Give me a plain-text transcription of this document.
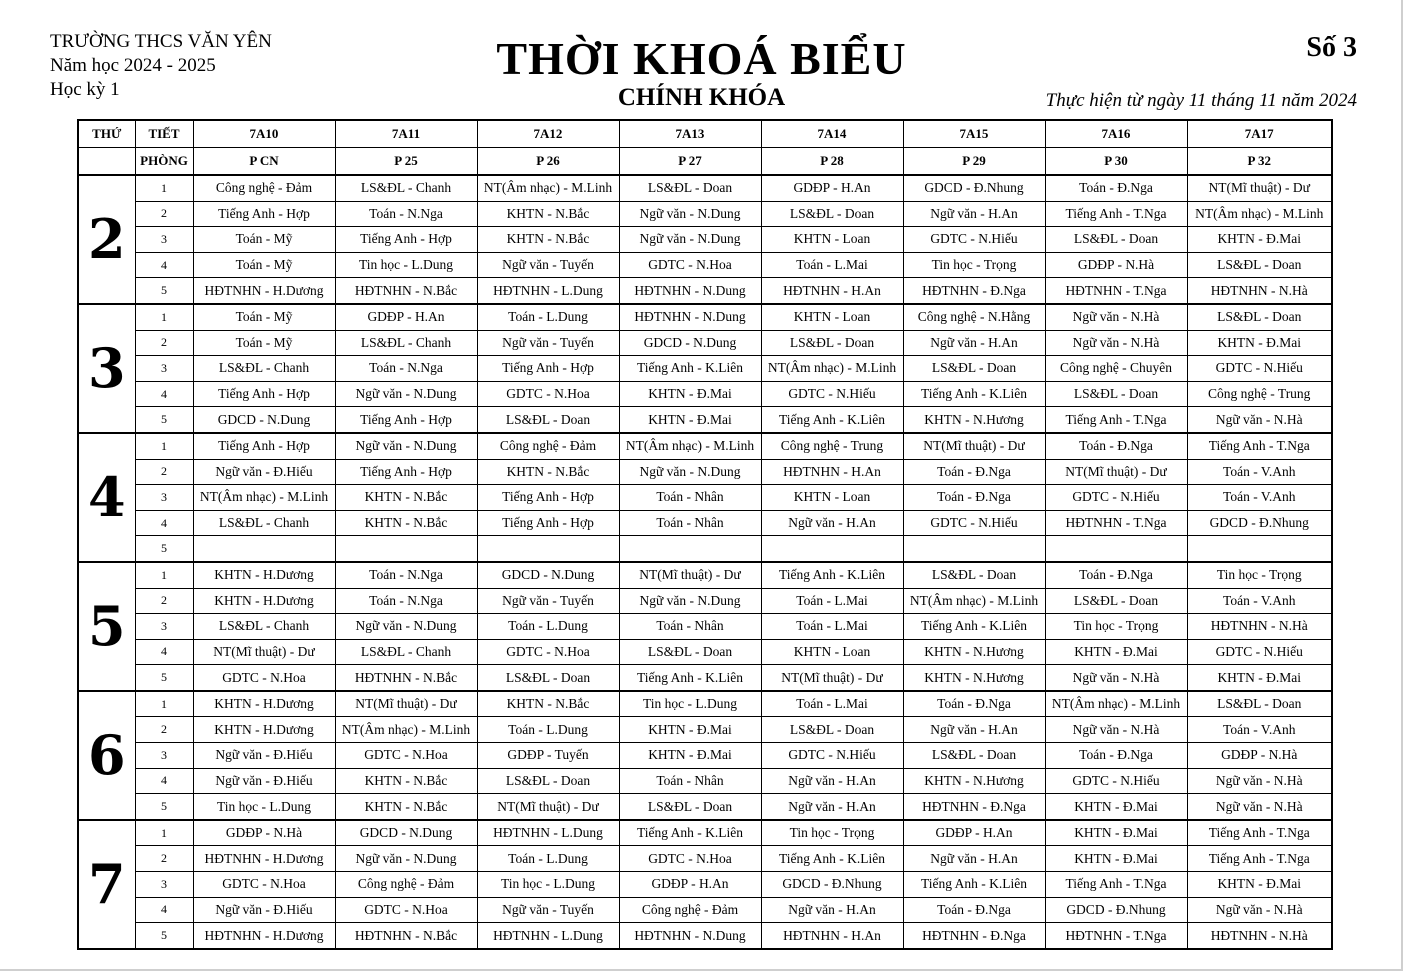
TRƯỜNG THCS VĂN YÊN
Năm học 2024 - 2025
Học kỳ 1
THỜI KHOÁ BIỂU
CHÍNH KHÓA
Số 3
Thực hiện từ ngày 11 tháng 11 năm 2024
THỨ	TIẾT	7A10	7A11	7A12	7A13	7A14	7A15	7A16	7A17
	PHÒNG	P CN	P 25	P 26	P 27	P 28	P 29	P 30	P 32
2	1	Công nghệ - Đảm	LS&ĐL - Chanh	NT(Âm nhạc) - M.Linh	LS&ĐL - Doan	GDĐP - H.An	GDCD - Đ.Nhung	Toán - Đ.Nga	NT(Mĩ thuật) - Dư
	2	Tiếng Anh - Hợp	Toán - N.Nga	KHTN - N.Bắc	Ngữ văn - N.Dung	LS&ĐL - Doan	Ngữ văn - H.An	Tiếng Anh - T.Nga	NT(Âm nhạc) - M.Linh
	3	Toán - Mỹ	Tiếng Anh - Hợp	KHTN - N.Bắc	Ngữ văn - N.Dung	KHTN - Loan	GDTC - N.Hiếu	LS&ĐL - Doan	KHTN - Đ.Mai
	4	Toán - Mỹ	Tin học - L.Dung	Ngữ văn - Tuyến	GDTC - N.Hoa	Toán - L.Mai	Tin học - Trọng	GDĐP - N.Hà	LS&ĐL - Doan
	5	HĐTNHN - H.Dương	HĐTNHN - N.Bắc	HĐTNHN - L.Dung	HĐTNHN - N.Dung	HĐTNHN - H.An	HĐTNHN - Đ.Nga	HĐTNHN - T.Nga	HĐTNHN - N.Hà
3	1	Toán - Mỹ	GDĐP - H.An	Toán - L.Dung	HĐTNHN - N.Dung	KHTN - Loan	Công nghệ - N.Hằng	Ngữ văn - N.Hà	LS&ĐL - Doan
	2	Toán - Mỹ	LS&ĐL - Chanh	Ngữ văn - Tuyến	GDCD - N.Dung	LS&ĐL - Doan	Ngữ văn - H.An	Ngữ văn - N.Hà	KHTN - Đ.Mai
	3	LS&ĐL - Chanh	Toán - N.Nga	Tiếng Anh - Hợp	Tiếng Anh - K.Liên	NT(Âm nhạc) - M.Linh	LS&ĐL - Doan	Công nghệ - Chuyên	GDTC - N.Hiếu
	4	Tiếng Anh - Hợp	Ngữ văn - N.Dung	GDTC - N.Hoa	KHTN - Đ.Mai	GDTC - N.Hiếu	Tiếng Anh - K.Liên	LS&ĐL - Doan	Công nghệ - Trung
	5	GDCD - N.Dung	Tiếng Anh - Hợp	LS&ĐL - Doan	KHTN - Đ.Mai	Tiếng Anh - K.Liên	KHTN - N.Hương	Tiếng Anh - T.Nga	Ngữ văn - N.Hà
4	1	Tiếng Anh - Hợp	Ngữ văn - N.Dung	Công nghệ - Đảm	NT(Âm nhạc) - M.Linh	Công nghệ - Trung	NT(Mĩ thuật) - Dư	Toán - Đ.Nga	Tiếng Anh - T.Nga
	2	Ngữ văn - Đ.Hiếu	Tiếng Anh - Hợp	KHTN - N.Bắc	Ngữ văn - N.Dung	HĐTNHN - H.An	Toán - Đ.Nga	NT(Mĩ thuật) - Dư	Toán - V.Anh
	3	NT(Âm nhạc) - M.Linh	KHTN - N.Bắc	Tiếng Anh - Hợp	Toán - Nhân	KHTN - Loan	Toán - Đ.Nga	GDTC - N.Hiếu	Toán - V.Anh
	4	LS&ĐL - Chanh	KHTN - N.Bắc	Tiếng Anh - Hợp	Toán - Nhân	Ngữ văn - H.An	GDTC - N.Hiếu	HĐTNHN - T.Nga	GDCD - Đ.Nhung
	5								
5	1	KHTN - H.Dương	Toán - N.Nga	GDCD - N.Dung	NT(Mĩ thuật) - Dư	Tiếng Anh - K.Liên	LS&ĐL - Doan	Toán - Đ.Nga	Tin học - Trọng
	2	KHTN - H.Dương	Toán - N.Nga	Ngữ văn - Tuyến	Ngữ văn - N.Dung	Toán - L.Mai	NT(Âm nhạc) - M.Linh	LS&ĐL - Doan	Toán - V.Anh
	3	LS&ĐL - Chanh	Ngữ văn - N.Dung	Toán - L.Dung	Toán - Nhân	Toán - L.Mai	Tiếng Anh - K.Liên	Tin học - Trọng	HĐTNHN - N.Hà
	4	NT(Mĩ thuật) - Dư	LS&ĐL - Chanh	GDTC - N.Hoa	LS&ĐL - Doan	KHTN - Loan	KHTN - N.Hương	KHTN - Đ.Mai	GDTC - N.Hiếu
	5	GDTC - N.Hoa	HĐTNHN - N.Bắc	LS&ĐL - Doan	Tiếng Anh - K.Liên	NT(Mĩ thuật) - Dư	KHTN - N.Hương	Ngữ văn - N.Hà	KHTN - Đ.Mai
6	1	KHTN - H.Dương	NT(Mĩ thuật) - Dư	KHTN - N.Bắc	Tin học - L.Dung	Toán - L.Mai	Toán - Đ.Nga	NT(Âm nhạc) - M.Linh	LS&ĐL - Doan
	2	KHTN - H.Dương	NT(Âm nhạc) - M.Linh	Toán - L.Dung	KHTN - Đ.Mai	LS&ĐL - Doan	Ngữ văn - H.An	Ngữ văn - N.Hà	Toán - V.Anh
	3	Ngữ văn - Đ.Hiếu	GDTC - N.Hoa	GDĐP - Tuyến	KHTN - Đ.Mai	GDTC - N.Hiếu	LS&ĐL - Doan	Toán - Đ.Nga	GDĐP - N.Hà
	4	Ngữ văn - Đ.Hiếu	KHTN - N.Bắc	LS&ĐL - Doan	Toán - Nhân	Ngữ văn - H.An	KHTN - N.Hương	GDTC - N.Hiếu	Ngữ văn - N.Hà
	5	Tin học - L.Dung	KHTN - N.Bắc	NT(Mĩ thuật) - Dư	LS&ĐL - Doan	Ngữ văn - H.An	HĐTNHN - Đ.Nga	KHTN - Đ.Mai	Ngữ văn - N.Hà
7	1	GDĐP - N.Hà	GDCD - N.Dung	HĐTNHN - L.Dung	Tiếng Anh - K.Liên	Tin học - Trọng	GDĐP - H.An	KHTN - Đ.Mai	Tiếng Anh - T.Nga
	2	HĐTNHN - H.Dương	Ngữ văn - N.Dung	Toán - L.Dung	GDTC - N.Hoa	Tiếng Anh - K.Liên	Ngữ văn - H.An	KHTN - Đ.Mai	Tiếng Anh - T.Nga
	3	GDTC - N.Hoa	Công nghệ - Đảm	Tin học - L.Dung	GDĐP - H.An	GDCD - Đ.Nhung	Tiếng Anh - K.Liên	Tiếng Anh - T.Nga	KHTN - Đ.Mai
	4	Ngữ văn - Đ.Hiếu	GDTC - N.Hoa	Ngữ văn - Tuyến	Công nghệ - Đảm	Ngữ văn - H.An	Toán - Đ.Nga	GDCD - Đ.Nhung	Ngữ văn - N.Hà
	5	HĐTNHN - H.Dương	HĐTNHN - N.Bắc	HĐTNHN - L.Dung	HĐTNHN - N.Dung	HĐTNHN - H.An	HĐTNHN - Đ.Nga	HĐTNHN - T.Nga	HĐTNHN - N.Hà
